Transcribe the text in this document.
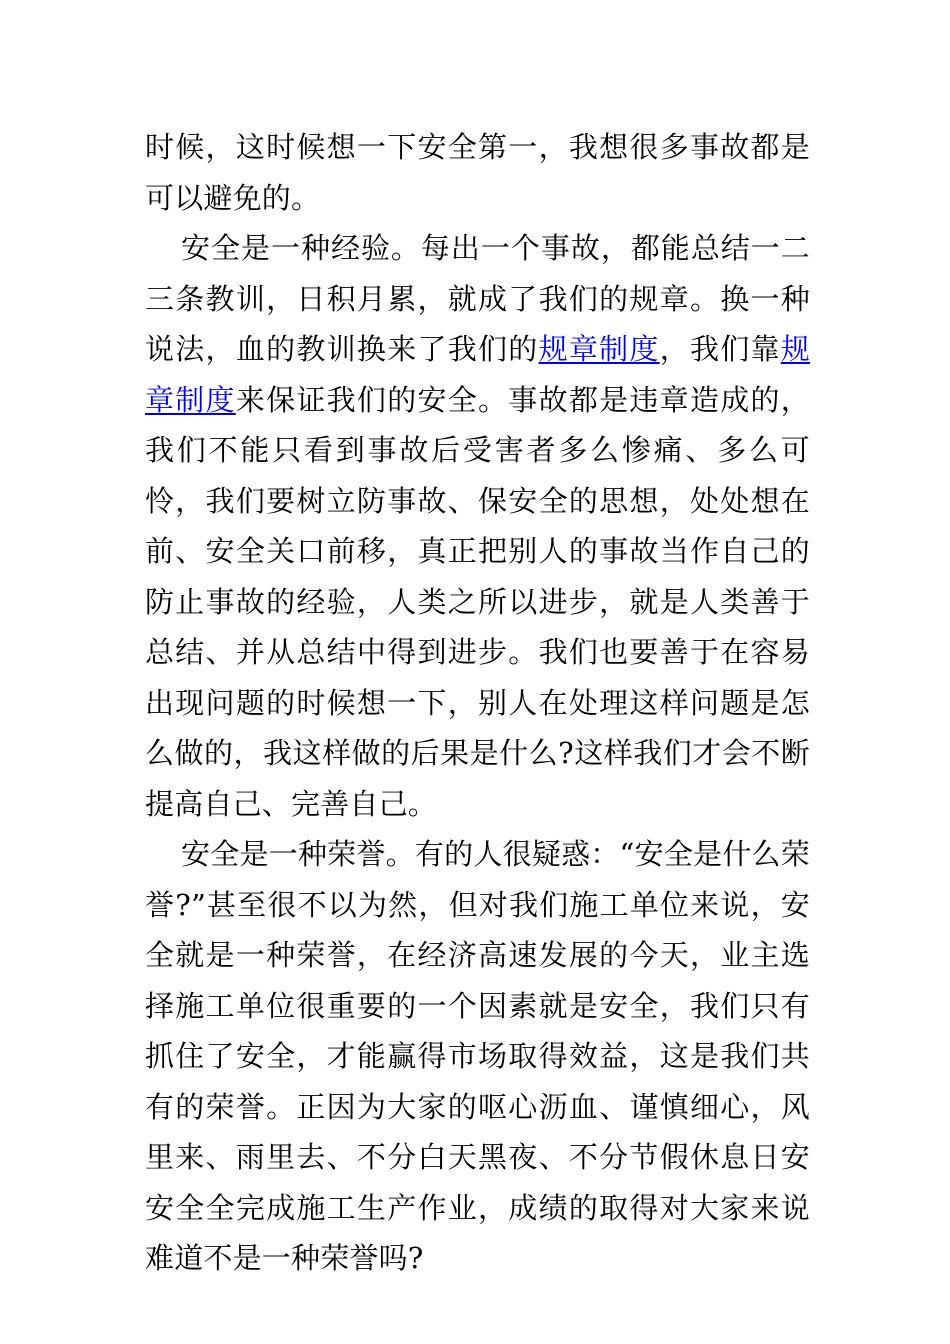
时候，这时候想一下安全第一，我想很多事故都是可以避免的。

安全是一种经验。每出一个事故，都能总结一二三条教训，日积月累，就成了我们的规章。换一种说法，血的教训换来了我们的规章制度，我们靠规章制度来保证我们的安全。事故都是违章造成的，我们不能只看到事故后受害者多么惨痛、多么可怜，我们要树立防事故、保安全的思想，处处想在前、安全关口前移，真正把别人的事故当作自己的防止事故的经验，人类之所以进步，就是人类善于总结、并从总结中得到进步。我们也要善于在容易出现问题的时候想一下，别人在处理这样问题是怎么做的，我这样做的后果是什么?这样我们才会不断提高自己、完善自己。

安全是一种荣誉。有的人很疑惑：“安全是什么荣誉?”甚至很不以为然，但对我们施工单位来说，安全就是一种荣誉，在经济高速发展的今天，业主选择施工单位很重要的一个因素就是安全，我们只有抓住了安全，才能赢得市场取得效益，这是我们共有的荣誉。正因为大家的呕心沥血、谨慎细心，风里来、雨里去、不分白天黑夜、不分节假休息日安安全全完成施工生产作业，成绩的取得对大家来说难道不是一种荣誉吗?
